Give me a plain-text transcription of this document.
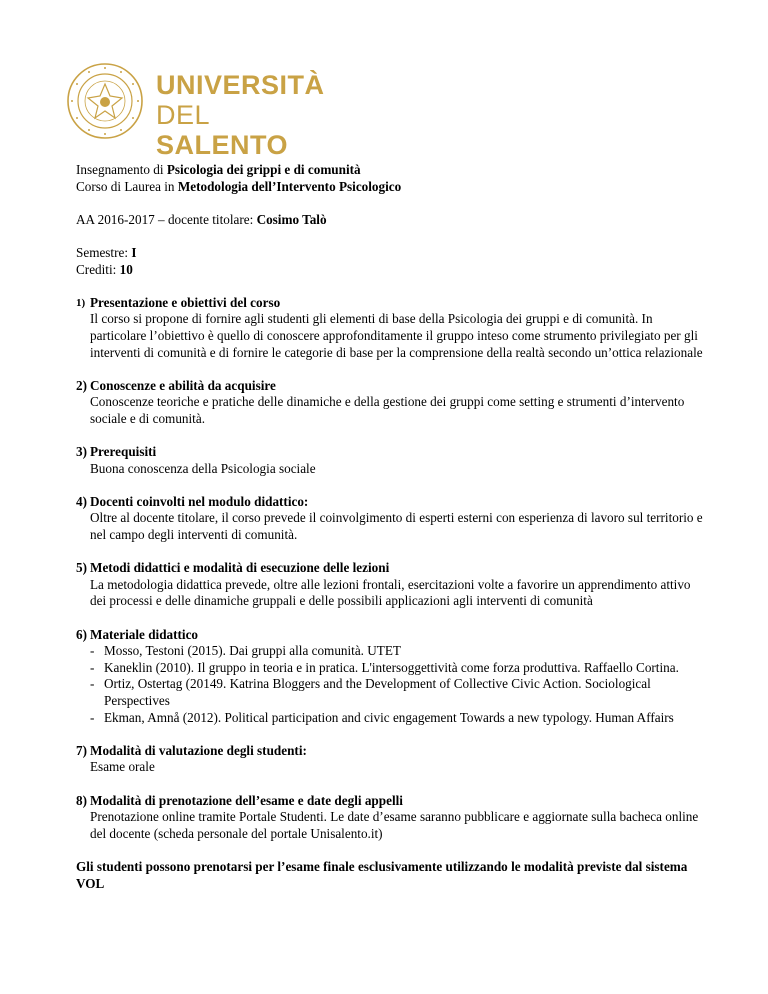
UNIVERSITÀ
DEL SALENTO

Insegnamento di Psicologia dei grippi e di comunità

Corso di Laurea in Metodologia dell’Intervento Psicologico

AA 2016-2017 – docente titolare: Cosimo Talò

Semestre: I

Crediti: 10

1) Presentazione e obiettivi del corso

Il corso si propone di fornire agli studenti gli elementi di base della Psicologia dei gruppi e di comunità. In particolare l’obiettivo è quello di conoscere approfonditamente il gruppo inteso come strumento privilegiato per gli interventi di comunità e di fornire le categorie di base per la comprensione della realtà secondo un’ottica relazionale

2) Conoscenze e abilità da acquisire

Conoscenze teoriche e pratiche delle dinamiche e della gestione dei gruppi come setting e strumenti d’intervento sociale e di comunità.

3) Prerequisiti

Buona conoscenza della Psicologia sociale

4) Docenti coinvolti nel modulo didattico:

Oltre al docente titolare, il corso prevede il coinvolgimento di esperti esterni con esperienza di lavoro sul territorio e nel campo degli interventi di comunità.

5) Metodi didattici e modalità di esecuzione delle lezioni

La metodologia didattica prevede, oltre alle lezioni frontali, esercitazioni volte a favorire un apprendimento attivo dei processi e delle dinamiche gruppali e delle possibili applicazioni agli interventi di comunità

6) Materiale didattico
- Mosso, Testoni (2015). Dai gruppi alla comunità. UTET
- Kaneklin (2010). Il gruppo in teoria e in pratica. L'intersoggettività come forza produttiva. Raffaello Cortina.
- Ortiz, Ostertag (20149. Katrina Bloggers and the Development of Collective Civic Action. Sociological Perspectives
- Ekman, Amnå (2012). Political participation and civic engagement Towards a new typology. Human Affairs
7) Modalità di valutazione degli studenti:

Esame orale

8) Modalità di prenotazione dell’esame e date degli appelli

Prenotazione online tramite Portale Studenti. Le date d’esame saranno pubblicare e aggiornate sulla bacheca online del docente (scheda personale del portale Unisalento.it)

Gli studenti possono prenotarsi per l’esame finale esclusivamente utilizzando le modalità previste dal sistema VOL
